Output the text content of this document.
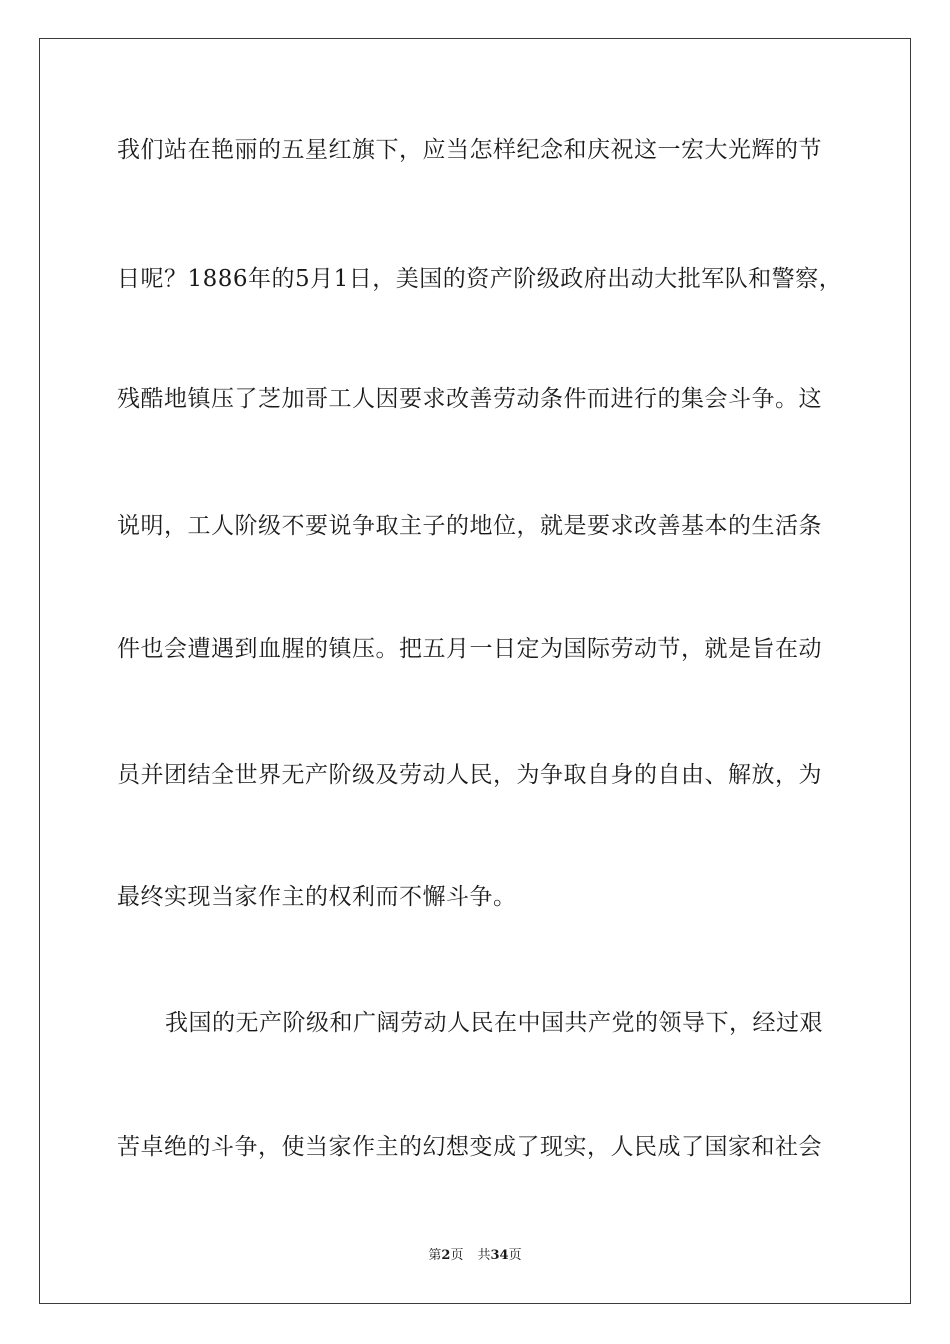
我们站在艳丽的五星红旗下，应当怎样纪念和庆祝这一宏大光辉的节
日呢？1886年的5月1日，美国的资产阶级政府出动大批军队和警察，
残酷地镇压了芝加哥工人因要求改善劳动条件而进行的集会斗争。这
说明，工人阶级不要说争取主子的地位，就是要求改善基本的生活条
件也会遭遇到血腥的镇压。把五月一日定为国际劳动节，就是旨在动
员并团结全世界无产阶级及劳动人民，为争取自身的自由、解放，为
最终实现当家作主的权利而不懈斗争。
我国的无产阶级和广阔劳动人民在中国共产党的领导下，经过艰
苦卓绝的斗争，使当家作主的幻想变成了现实，人民成了国家和社会
第2页 共34页
